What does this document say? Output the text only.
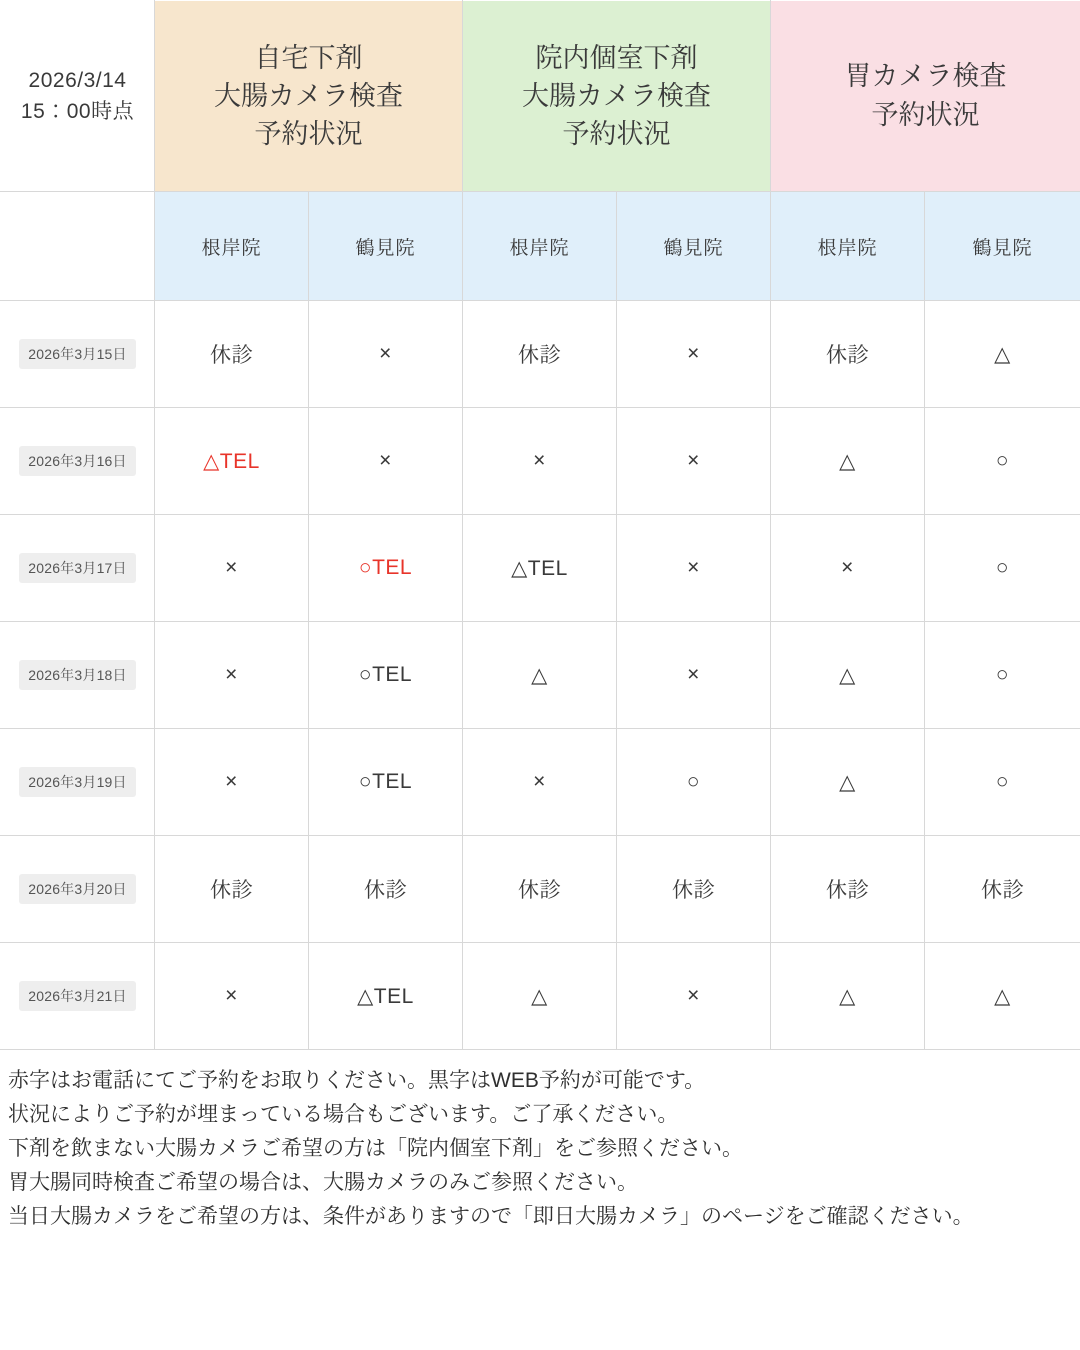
2026/3/14
15：00時点

自宅下剤
大腸カメラ検査
予約状況

院内個室下剤
大腸カメラ検査
予約状況

胃カメラ検査
予約状況

	根岸院	鶴見院	根岸院	鶴見院	根岸院	鶴見院
2026年3月15日	休診	×	休診	×	休診	△
2026年3月16日	△TEL	×	×	×	△	○
2026年3月17日	×	○TEL	△TEL	×	×	○
2026年3月18日	×	○TEL	△	×	△	○
2026年3月19日	×	○TEL	×	○	△	○
2026年3月20日	休診	休診	休診	休診	休診	休診
2026年3月21日	×	△TEL	△	×	△	△

赤字はお電話にてご予約をお取りください。黒字はWEB予約が可能です。

状況によりご予約が埋まっている場合もございます。ご了承ください。

下剤を飲まない大腸カメラご希望の方は「院内個室下剤」をご参照ください。

胃大腸同時検査ご希望の場合は、大腸カメラのみご参照ください。

当日大腸カメラをご希望の方は、条件がありますので「即日大腸カメラ」のページをご確認ください。
